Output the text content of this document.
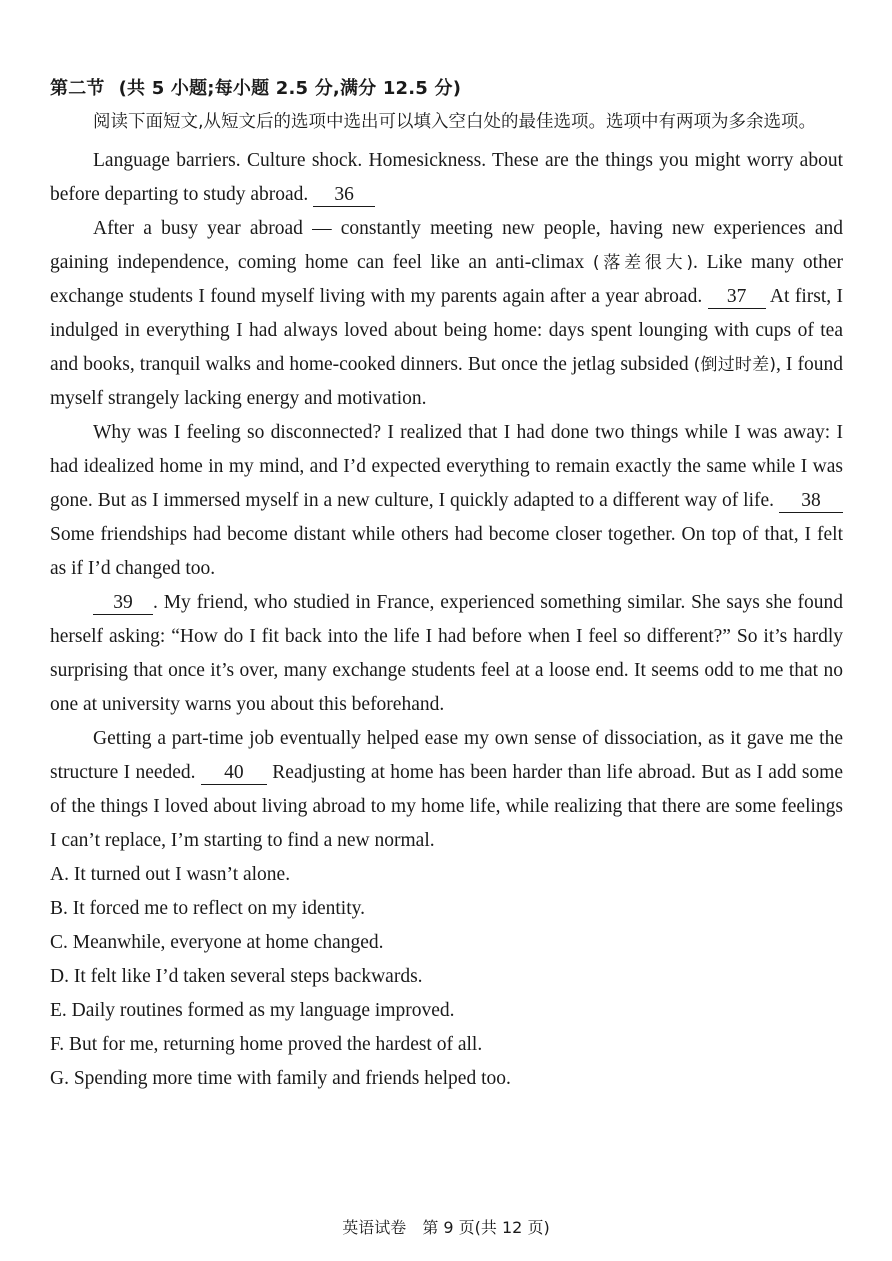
第二节 (共 5 小题;每小题 2.5 分,满分 12.5 分)

阅读下面短文,从短文后的选项中选出可以填入空白处的最佳选项。选项中有两项为多余选项。

Language barriers. Culture shock. Homesickness. These are the things you might worry about before departing to study abroad. 36

After a busy year abroad — constantly meeting new people, having new experiences and gaining independence, coming home can feel like an anti-climax (落差很大). Like many other exchange students I found myself living with my parents again after a year abroad. 37 At first, I indulged in everything I had always loved about being home: days spent lounging with cups of tea and books, tranquil walks and home-cooked dinners. But once the jetlag subsided (倒过时差), I found myself strangely lacking energy and motivation.

Why was I feeling so disconnected? I realized that I had done two things while I was away: I had idealized home in my mind, and I’d expected everything to remain exactly the same while I was gone. But as I immersed myself in a new culture, I quickly adapted to a different way of life. 38 Some friendships had become distant while others had become closer together. On top of that, I felt as if I’d changed too.

39 . My friend, who studied in France, experienced something similar. She says she found herself asking: “How do I fit back into the life I had before when I feel so different?” So it’s hardly surprising that once it’s over, many exchange students feel at a loose end. It seems odd to me that no one at university warns you about this beforehand.

Getting a part-time job eventually helped ease my own sense of dissociation, as it gave me the structure I needed. 40 Readjusting at home has been harder than life abroad. But as I add some of the things I loved about living abroad to my home life, while realizing that there are some feelings I can’t replace, I’m starting to find a new normal.

A. It turned out I wasn’t alone.
B. It forced me to reflect on my identity.
C. Meanwhile, everyone at home changed.
D. It felt like I’d taken several steps backwards.
E. Daily routines formed as my language improved.
F. But for me, returning home proved the hardest of all.
G. Spending more time with family and friends helped too.
英语试卷 第 9 页(共 12 页)
